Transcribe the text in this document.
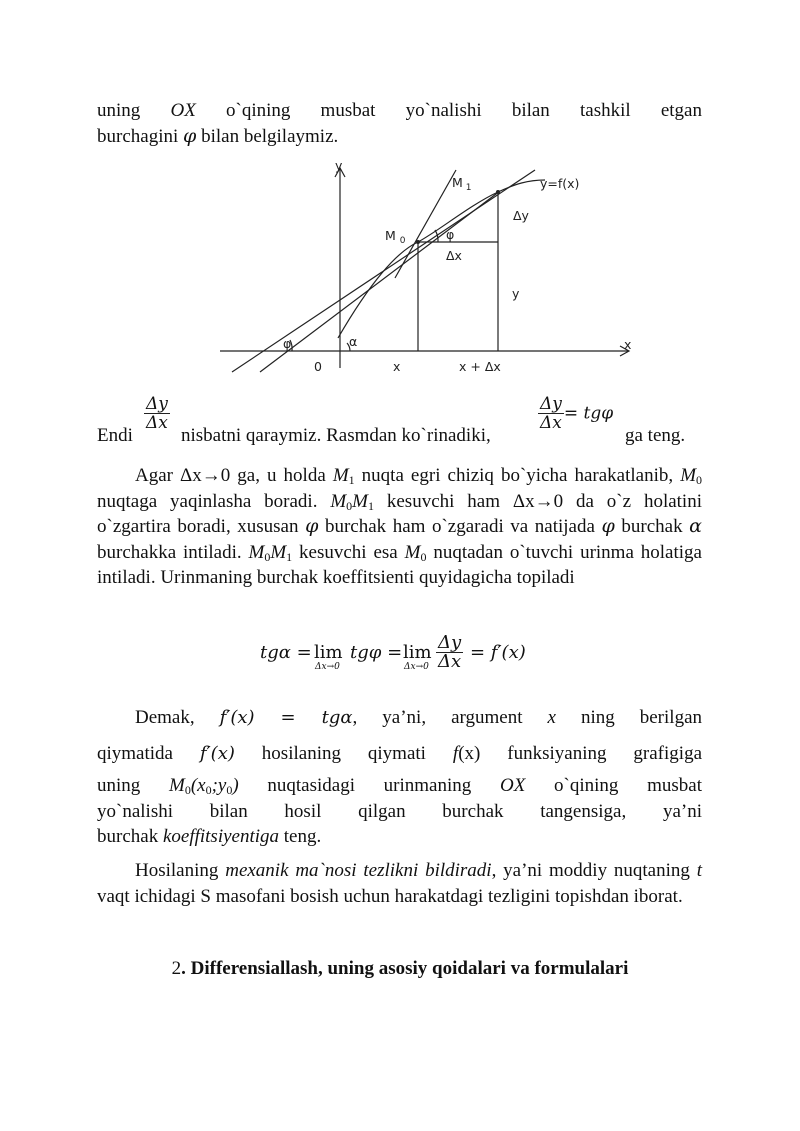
uning OX o`qining musbat yo`nalishi bilan tashkil etgan
burchagini φ bilan belgilaymiz.
y
x
0
M $_0$
M $_1$	y=f(x)
Δy
Δx
y
φ
φ	α
x	x + Δx
$\frac{\Delta y}{\Delta x}$
Endi	nisbatni qaraymiz. Rasmdan ko`rinadiki,
$\frac{\Delta y}{\Delta x} = tg\varphi$
ga teng.
Agar Δx→0 ga, u holda $M_1$ nuqta egri chiziq bo`yicha harakatlanib, $M_0$ nuqtaga yaqinlasha boradi. $M_0M_1$ kesuvchi ham Δx→0 da o`z holatini o`zgartira boradi, xususan φ burchak ham o`zgaradi va natijada φ burchak α burchakka intiladi. $M_0M_1$ kesuvchi esa $M_0$ nuqtadan o`tuvchi urinma holatiga intiladi. Urinmaning burchak koeffitsienti quyidagicha topiladi
tgα = lim
Δx→0
tgφ = lim
$\Delta x\to 0 \frac{\Delta y}{\Delta x} = f'(x)$
Demak, f′(x) = tgα, ya’ni, argument x ning berilgan
qiymatida f′(x) hosilaning qiymati f(x) funksiyaning grafigiga
uning $M_0(x_0;y_0)$ nuqtasidagi urinmaning OX o`qining musbat
yo`nalishi bilan hosil qilgan burchak tangensiga, ya’ni
burchak koeffitsiyentiga teng.
Hosilaning mexanik ma`nosi tezlikni bildiradi, ya’ni moddiy nuqtaning t vaqt ichidagi S masofani bosish uchun harakatdagi tezligini topishdan iborat.
2. Differensiallash, uning asosiy qoidalari va formulalari
